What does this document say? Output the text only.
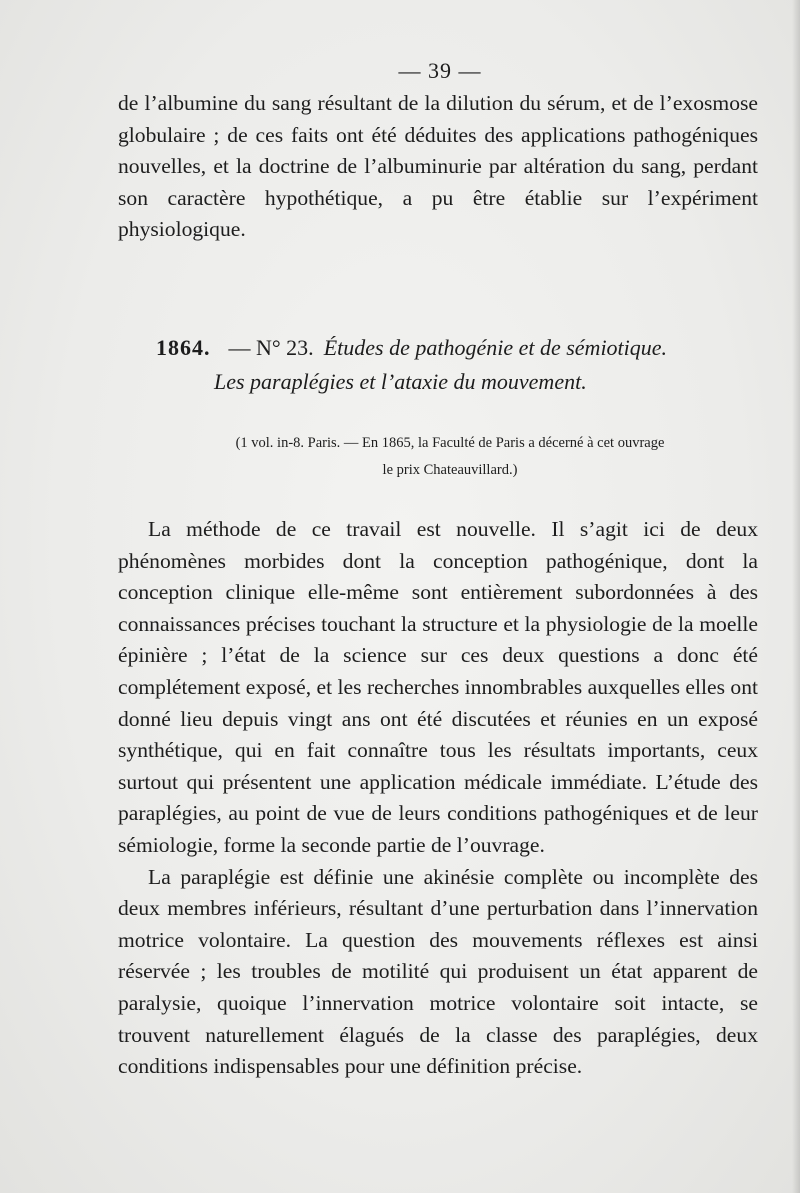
— 39 —

de l’albumine du sang résultant de la dilution du sérum, et de l’exosmose globulaire ; de ces faits ont été déduites des applications pathogéniques nouvelles, et la doctrine de l’albuminurie par altération du sang, perdant son caractère hypothétique, a pu être établie sur l’expériment physiologique.

1864. — N° 23. Études de pathogénie et de sémiotique.
Les paraplégies et l’ataxie du mouvement.
(1 vol. in-8. Paris. — En 1865, la Faculté de Paris a décerné à cet ouvrage
le prix Chateauvillard.)

La méthode de ce travail est nouvelle. Il s’agit ici de deux phénomènes morbides dont la conception pathogénique, dont la conception clinique elle-même sont entièrement subordonnées à des connaissances précises touchant la structure et la physiologie de la moelle épinière ; l’état de la science sur ces deux questions a donc été complétement exposé, et les recherches innombrables auxquelles elles ont donné lieu depuis vingt ans ont été discutées et réunies en un exposé synthétique, qui en fait connaître tous les résultats importants, ceux surtout qui présentent une application médicale immédiate. L’étude des paraplégies, au point de vue de leurs conditions pathogéniques et de leur sémiologie, forme la seconde partie de l’ouvrage.

La paraplégie est définie une akinésie complète ou incomplète des deux membres inférieurs, résultant d’une perturbation dans l’innervation motrice volontaire. La question des mouvements réflexes est ainsi réservée ; les troubles de motilité qui produisent un état apparent de paralysie, quoique l’innervation motrice volontaire soit intacte, se trouvent naturellement élagués de la classe des paraplégies, deux conditions indispensables pour une définition précise.
